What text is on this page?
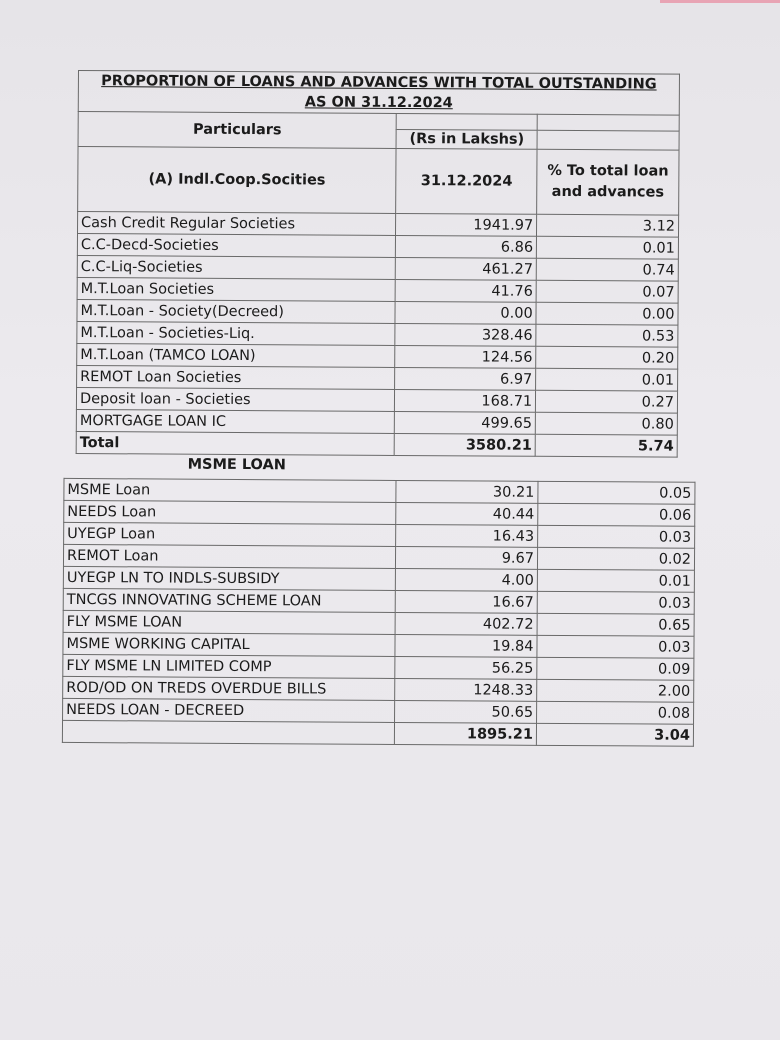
PROPORTION OF LOANS AND ADVANCES WITH TOTAL OUTSTANDING
AS ON 31.12.2024		

Particulars		
	(Rs in Lakshs)	
(A) Indl.Coop.Socities	31.12.2024	% To total loan and advances
Cash Credit Regular Societies	1941.97	3.12
C.C-Decd-Societies	6.86	0.01
C.C-Liq-Societies	461.27	0.74
M.T.Loan Societies	41.76	0.07
M.T.Loan - Society(Decreed)	0.00	0.00
M.T.Loan - Societies-Liq.	328.46	0.53
M.T.Loan (TAMCO LOAN)	124.56	0.20
REMOT Loan Societies	6.97	0.01
Deposit loan - Societies	168.71	0.27
MORTGAGE LOAN IC	499.65	0.80
Total	3580.21	5.74
MSME LOAN
MSME Loan	30.21	0.05
NEEDS Loan	40.44	0.06
UYEGP Loan	16.43	0.03
REMOT Loan	9.67	0.02
UYEGP LN TO INDLS-SUBSIDY	4.00	0.01
TNCGS INNOVATING SCHEME LOAN	16.67	0.03
FLY MSME LOAN	402.72	0.65
MSME WORKING CAPITAL	19.84	0.03
FLY MSME LN LIMITED COMP	56.25	0.09
ROD/OD ON TREDS OVERDUE BILLS	1248.33	2.00
NEEDS LOAN - DECREED	50.65	0.08
	1895.21	3.04
